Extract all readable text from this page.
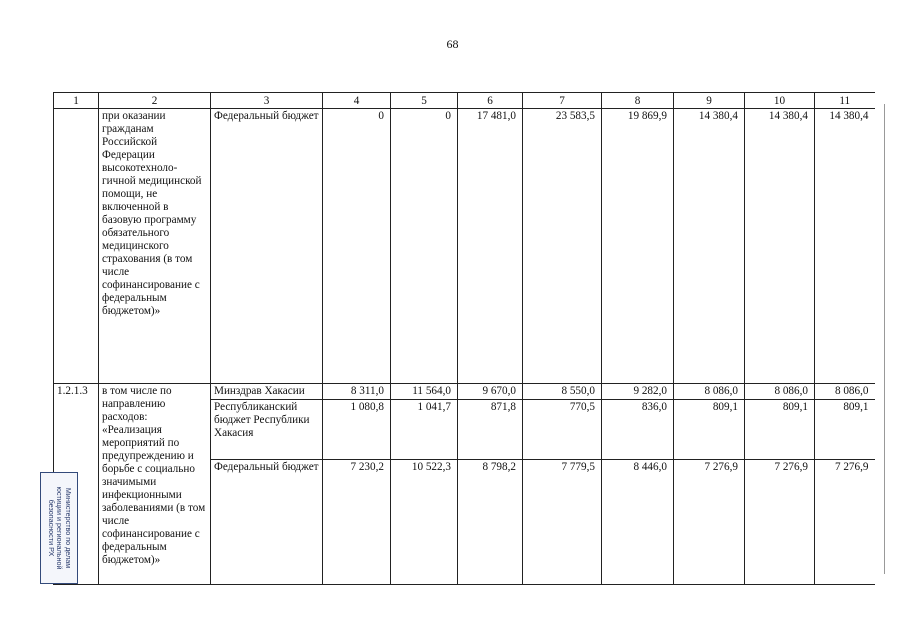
68
1	2	3	4	5	6	7	8	9	10	11
	при оказании гражданам Российской Федерации высокотехноло-гичной медицинской помощи, не включенной в базовую программу обязательного медицинского страхования (в том числе софинансирование с федеральным бюджетом)»	Федеральный бюджет	0	0	17 481,0	23 583,5	19 869,9	14 380,4	14 380,4	14 380,4
1.2.1.3	в том числе по направлению расходов: «Реализация мероприятий по предупреждению и борьбе с социально значимыми инфекционными заболеваниями (в том числе софинансирование с федеральным бюджетом)»	Минздрав Хакасии	8 311,0	11 564,0	9 670,0	8 550,0	9 282,0	8 086,0	8 086,0	8 086,0
		Республиканский бюджет Республики Хакасия	1 080,8	1 041,7	871,8	770,5	836,0	809,1	809,1	809,1
		Федеральный бюджет	7 230,2	10 522,3	8 798,2	7 779,5	8 446,0	7 276,9	7 276,9	7 276,9
Министерство по делам юстиции и региональной безопасности РХ
